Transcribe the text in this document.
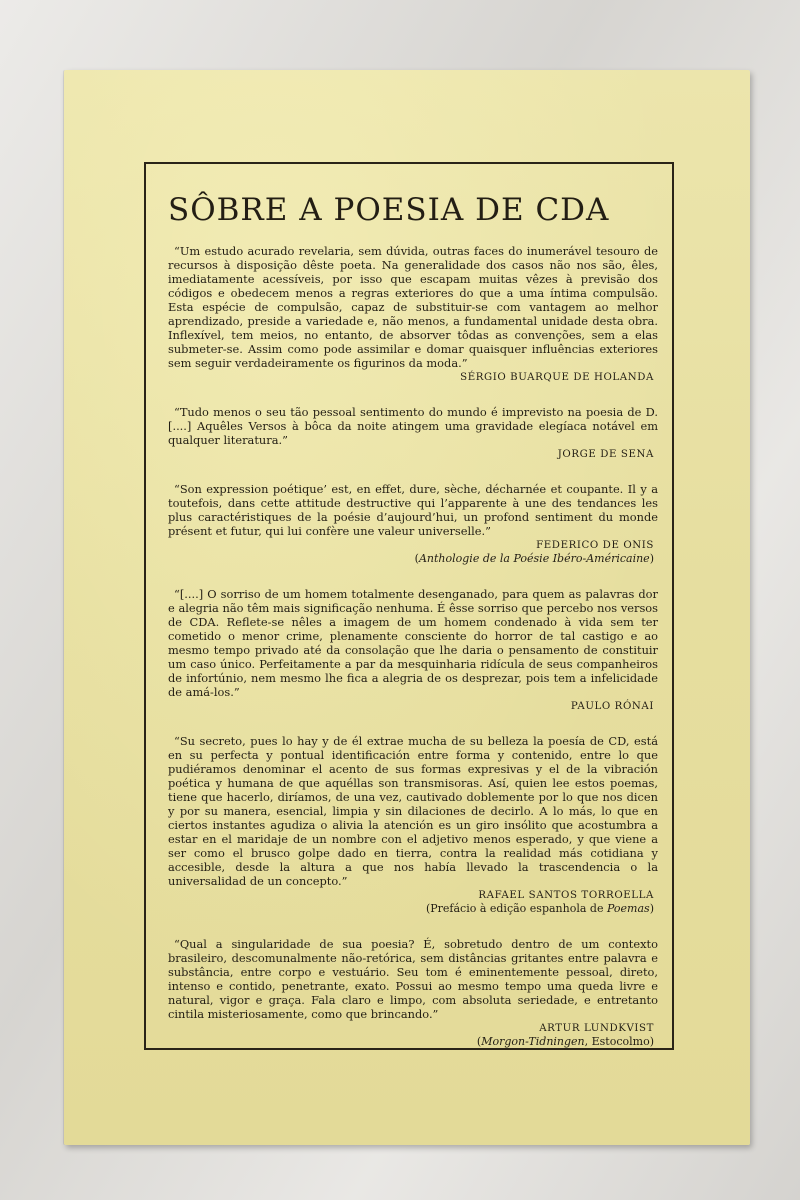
SÔBRE A POESIA DE CDA

“Um estudo acurado revelaria, sem dúvida, outras faces do inumerável tesouro de recursos à disposição dêste poeta. Na generalidade dos casos não nos são, êles, imediatamente acessíveis, por isso que escapam muitas vêzes à previsão dos códigos e obedecem menos a regras exteriores do que a uma íntima compulsão. Esta espécie de compulsão, capaz de substituir-se com vantagem ao melhor aprendizado, preside a variedade e, não menos, a fundamental unidade desta obra. Inflexível, tem meios, no entanto, de absorver tôdas as convenções, sem a elas submeter-se. Assim como pode assimilar e domar quaisquer influências exteriores sem seguir verdadeiramente os figurinos da moda.”

SÉRGIO BUARQUE DE HOLANDA

“Tudo menos o seu tão pessoal sentimento do mundo é imprevisto na poesia de D. [....] Aquêles Versos à bôca da noite atingem uma gravidade elegíaca notável em qualquer literatura.”

JORGE DE SENA

“Son expression poétique’ est, en effet, dure, sèche, décharnée et coupante. Il y a toutefois, dans cette attitude destructive qui l’apparente à une des tendances les plus caractéristiques de la poésie d’aujourd’hui, un profond sentiment du monde présent et futur, qui lui confère une valeur universelle.”

FEDERICO DE ONIS
(Anthologie de la Poésie Ibéro-Américaine)

“[....] O sorriso de um homem totalmente desenganado, para quem as palavras dor e alegria não têm mais significação nenhuma. É êsse sorriso que percebo nos versos de CDA. Reflete-se nêles a imagem de um homem condenado à vida sem ter cometido o menor crime, plenamente consciente do horror de tal castigo e ao mesmo tempo privado até da consolação que lhe daria o pensamento de constituir um caso único. Perfeitamente a par da mesquinharia ridícula de seus companheiros de infortúnio, nem mesmo lhe fica a alegria de os desprezar, pois tem a infelicidade de amá-los.”

PAULO RÓNAI

“Su secreto, pues lo hay y de él extrae mucha de su belleza la poesía de CD, está en su perfecta y pontual identificación entre forma y contenido, entre lo que pudiéramos denominar el acento de sus formas expresivas y el de la vibración poética y humana de que aquéllas son transmisoras. Así, quien lee estos poemas, tiene que hacerlo, diríamos, de una vez, cautivado doblemente por lo que nos dicen y por su manera, esencial, limpia y sin dilaciones de decirlo. A lo más, lo que en ciertos instantes agudiza o alivia la atención es un giro insólito que acostumbra a estar en el maridaje de un nombre con el adjetivo menos esperado, y que viene a ser como el brusco golpe dado en tierra, contra la realidad más cotidiana y accesible, desde la altura a que nos había llevado la trascendencia o la universalidad de un concepto.”

RAFAEL SANTOS TORROELLA
(Prefácio à edição espanhola de Poemas)

“Qual a singularidade de sua poesia? É, sobretudo dentro de um contexto brasileiro, descomunalmente não-retórica, sem distâncias gritantes entre palavra e substância, entre corpo e vestuário. Seu tom é eminentemente pessoal, direto, intenso e contido, penetrante, exato. Possui ao mesmo tempo uma queda livre e natural, vigor e graça. Fala claro e limpo, com absoluta seriedade, e entretanto cintila misteriosamente, como que brincando.”

ARTUR LUNDKVIST
(Morgon-Tidningen, Estocolmo)
